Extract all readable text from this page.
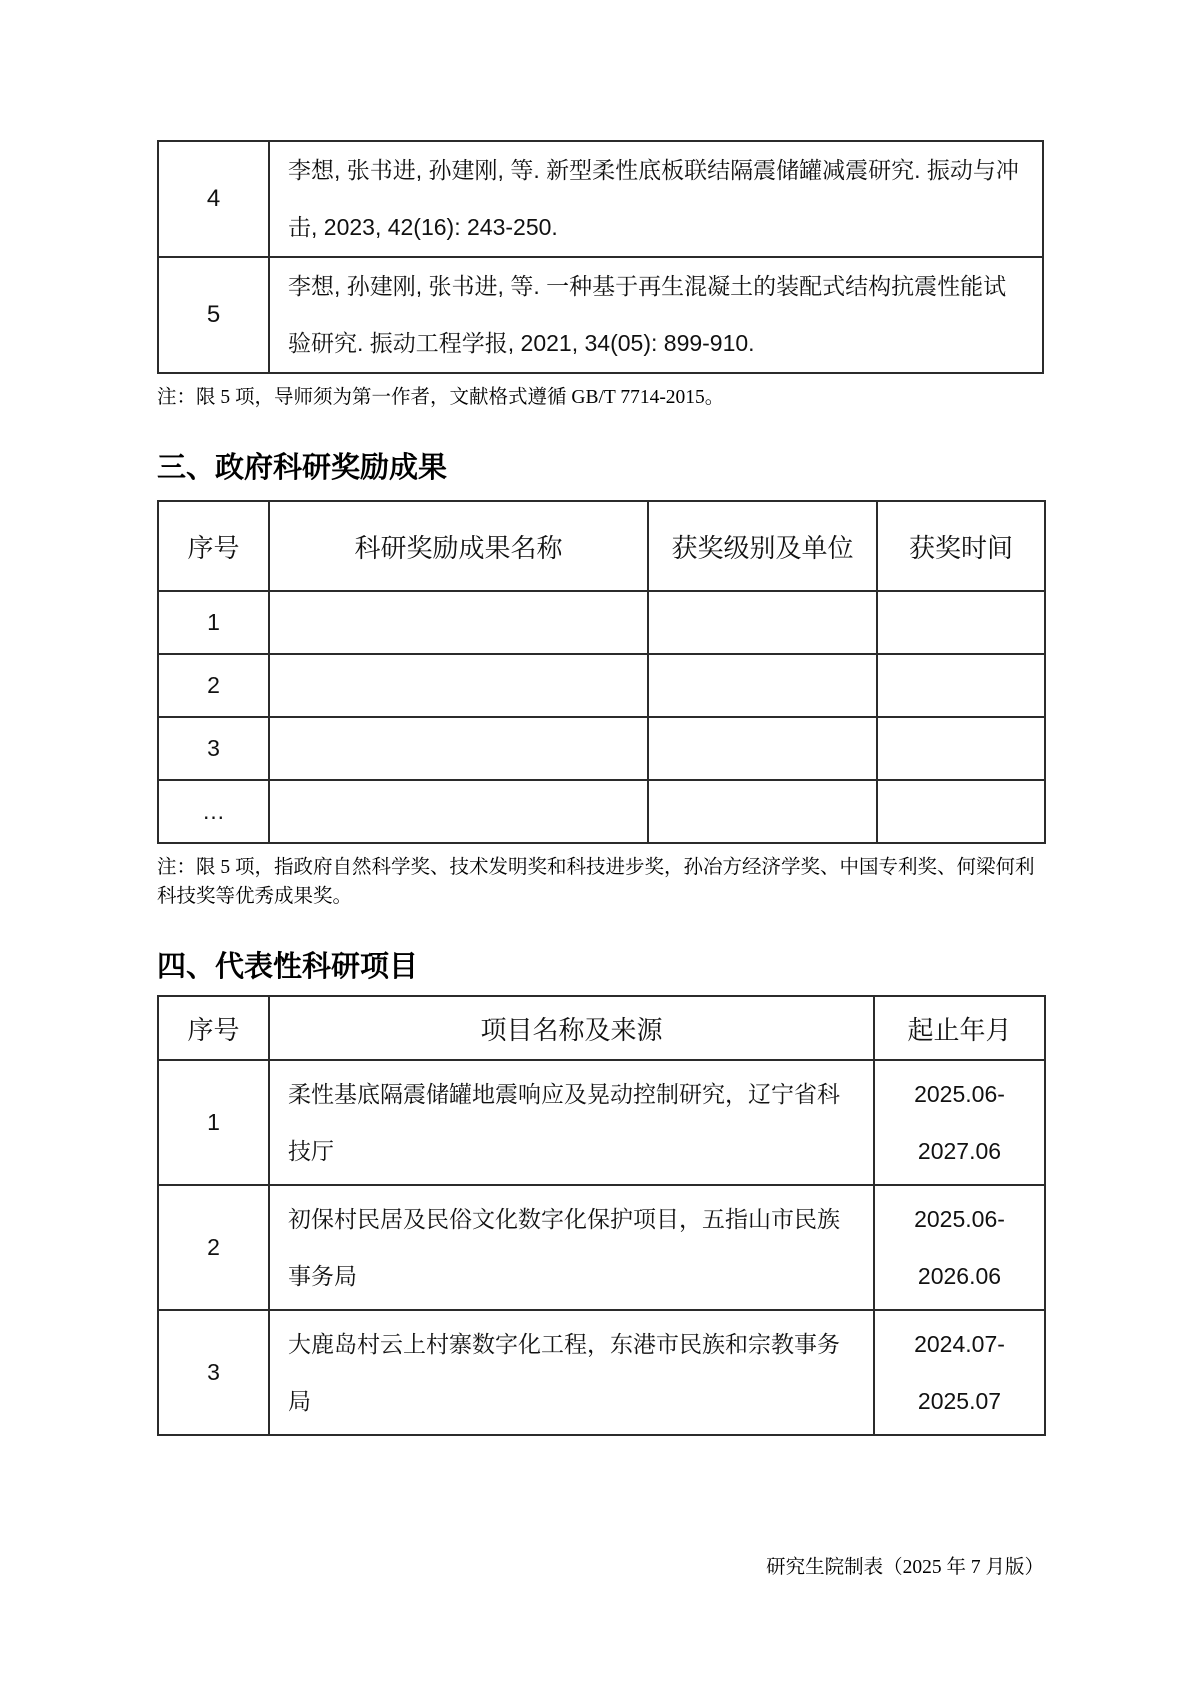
4	李想, 张书进, 孙建刚, 等. 新型柔性底板联结隔震储罐减震研究. 振动与冲击, 2023, 42(16): 243-250.
5	李想, 孙建刚, 张书进, 等. 一种基于再生混凝土的装配式结构抗震性能试验研究. 振动工程学报, 2021, 34(05): 899-910.

注：限 5 项，导师须为第一作者，文献格式遵循 GB/T 7714-2015。

三、政府科研奖励成果
序号	科研奖励成果名称	获奖级别及单位	获奖时间
1			
2			
3			
…			

注：限 5 项，指政府自然科学奖、技术发明奖和科技进步奖，孙冶方经济学奖、中国专利奖、何梁何利科技奖等优秀成果奖。

四、代表性科研项目
序号	项目名称及来源	起止年月
1	柔性基底隔震储罐地震响应及晃动控制研究，辽宁省科技厅	2025.06-
2027.06

2	初保村民居及民俗文化数字化保护项目，五指山市民族事务局	2025.06-
2026.06

3	大鹿岛村云上村寨数字化工程，东港市民族和宗教事务局	2024.07-
2025.07

研究生院制表（2025 年 7 月版）
